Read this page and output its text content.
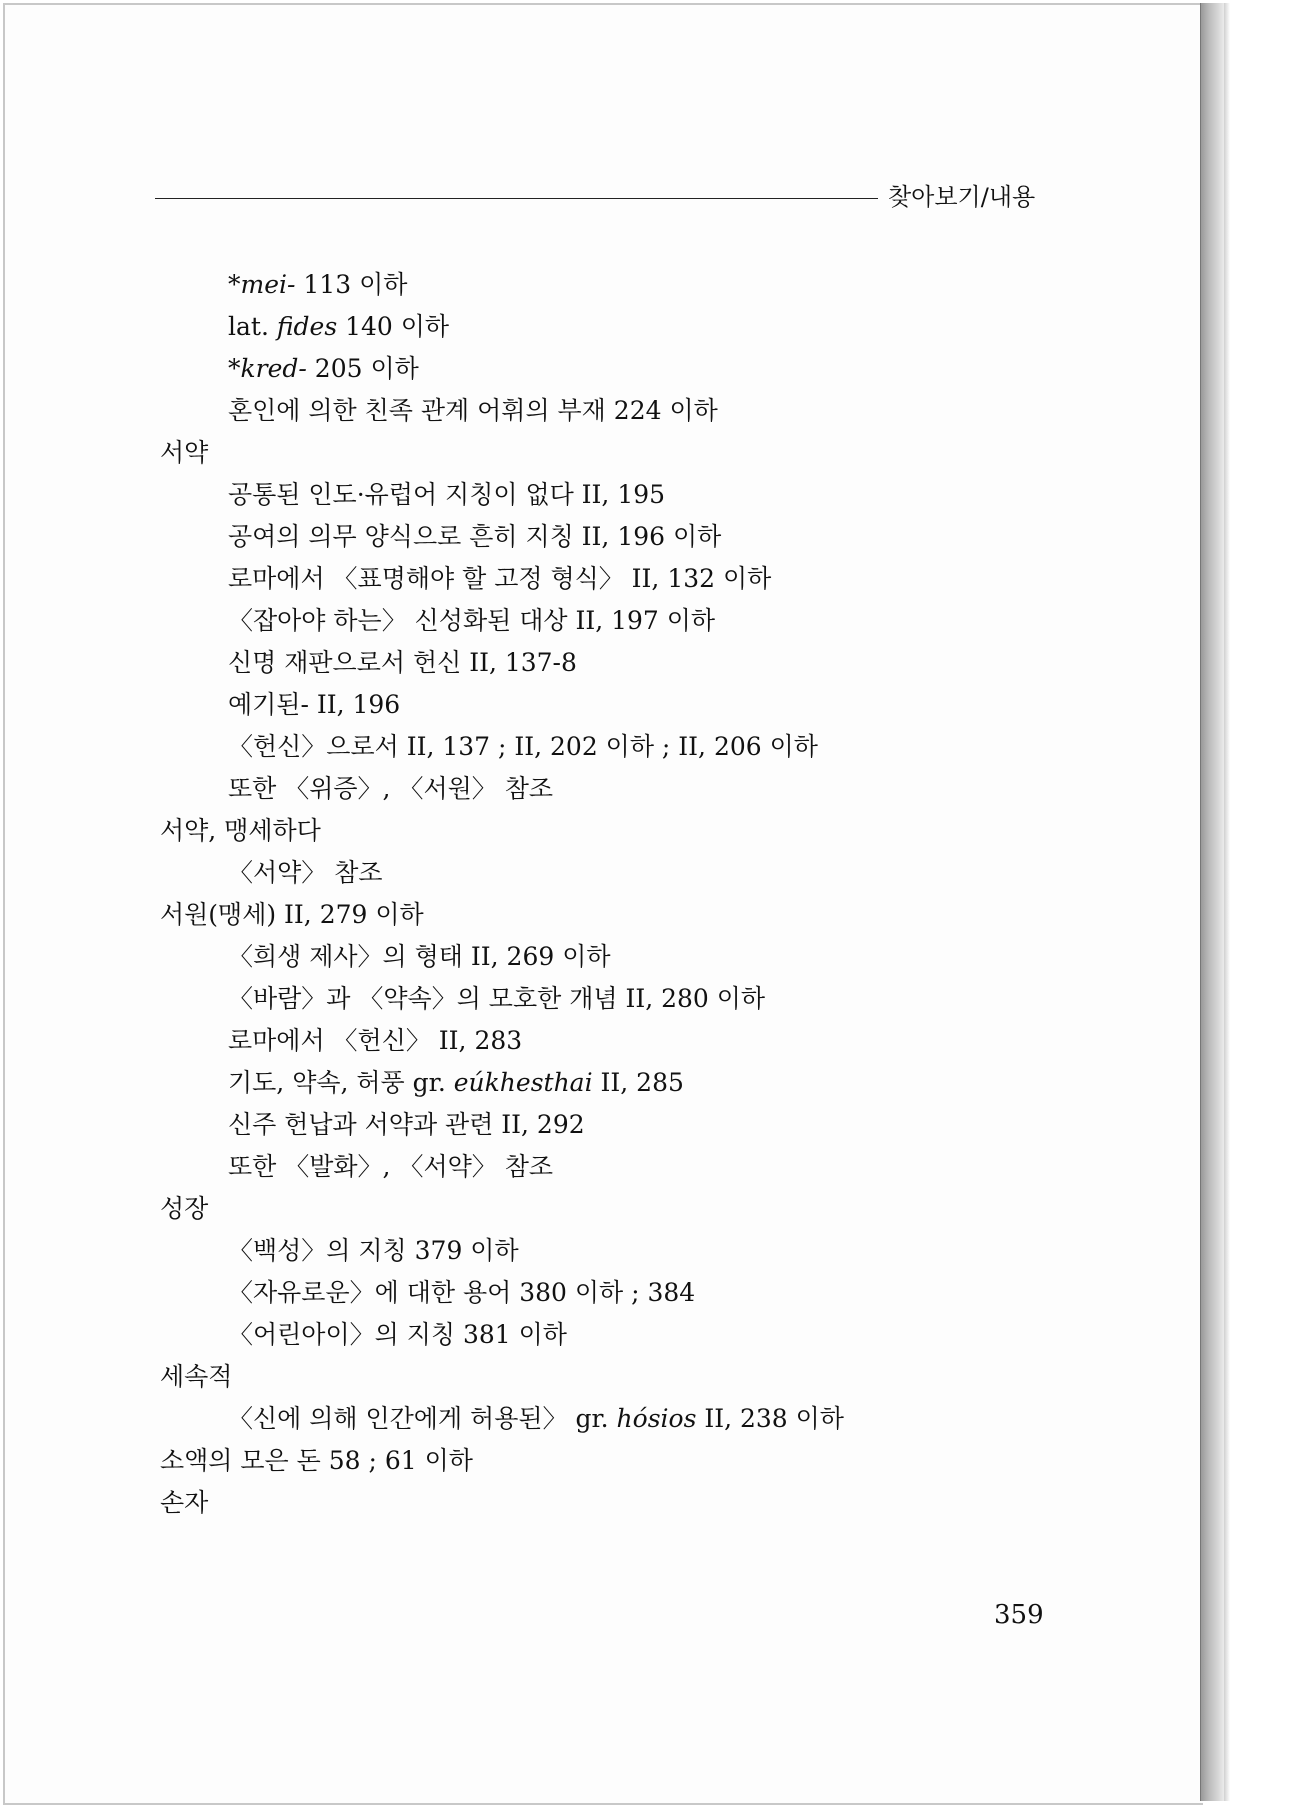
찾아보기/내용
*mei- 113 이하
lat. fides 140 이하
*kred- 205 이하
혼인에 의한 친족 관계 어휘의 부재 224 이하
서약
공통된 인도·유럽어 지칭이 없다 II, 195
공여의 의무 양식으로 흔히 지칭 II, 196 이하
로마에서 〈표명해야 할 고정 형식〉 II, 132 이하
〈잡아야 하는〉 신성화된 대상 II, 197 이하
신명 재판으로서 헌신 II, 137-8
예기된- II, 196
〈헌신〉으로서 II, 137 ; II, 202 이하 ; II, 206 이하
또한 〈위증〉, 〈서원〉 참조
서약, 맹세하다
〈서약〉 참조
서원(맹세) II, 279 이하
〈희생 제사〉의 형태 II, 269 이하
〈바람〉과 〈약속〉의 모호한 개념 II, 280 이하
로마에서 〈헌신〉 II, 283
기도, 약속, 허풍 gr. eúkhesthai II, 285
신주 헌납과 서약과 관련 II, 292
또한 〈발화〉, 〈서약〉 참조
성장
〈백성〉의 지칭 379 이하
〈자유로운〉에 대한 용어 380 이하 ; 384
〈어린아이〉의 지칭 381 이하
세속적
〈신에 의해 인간에게 허용된〉 gr. hósios II, 238 이하
소액의 모은 돈 58 ; 61 이하
손자
359
